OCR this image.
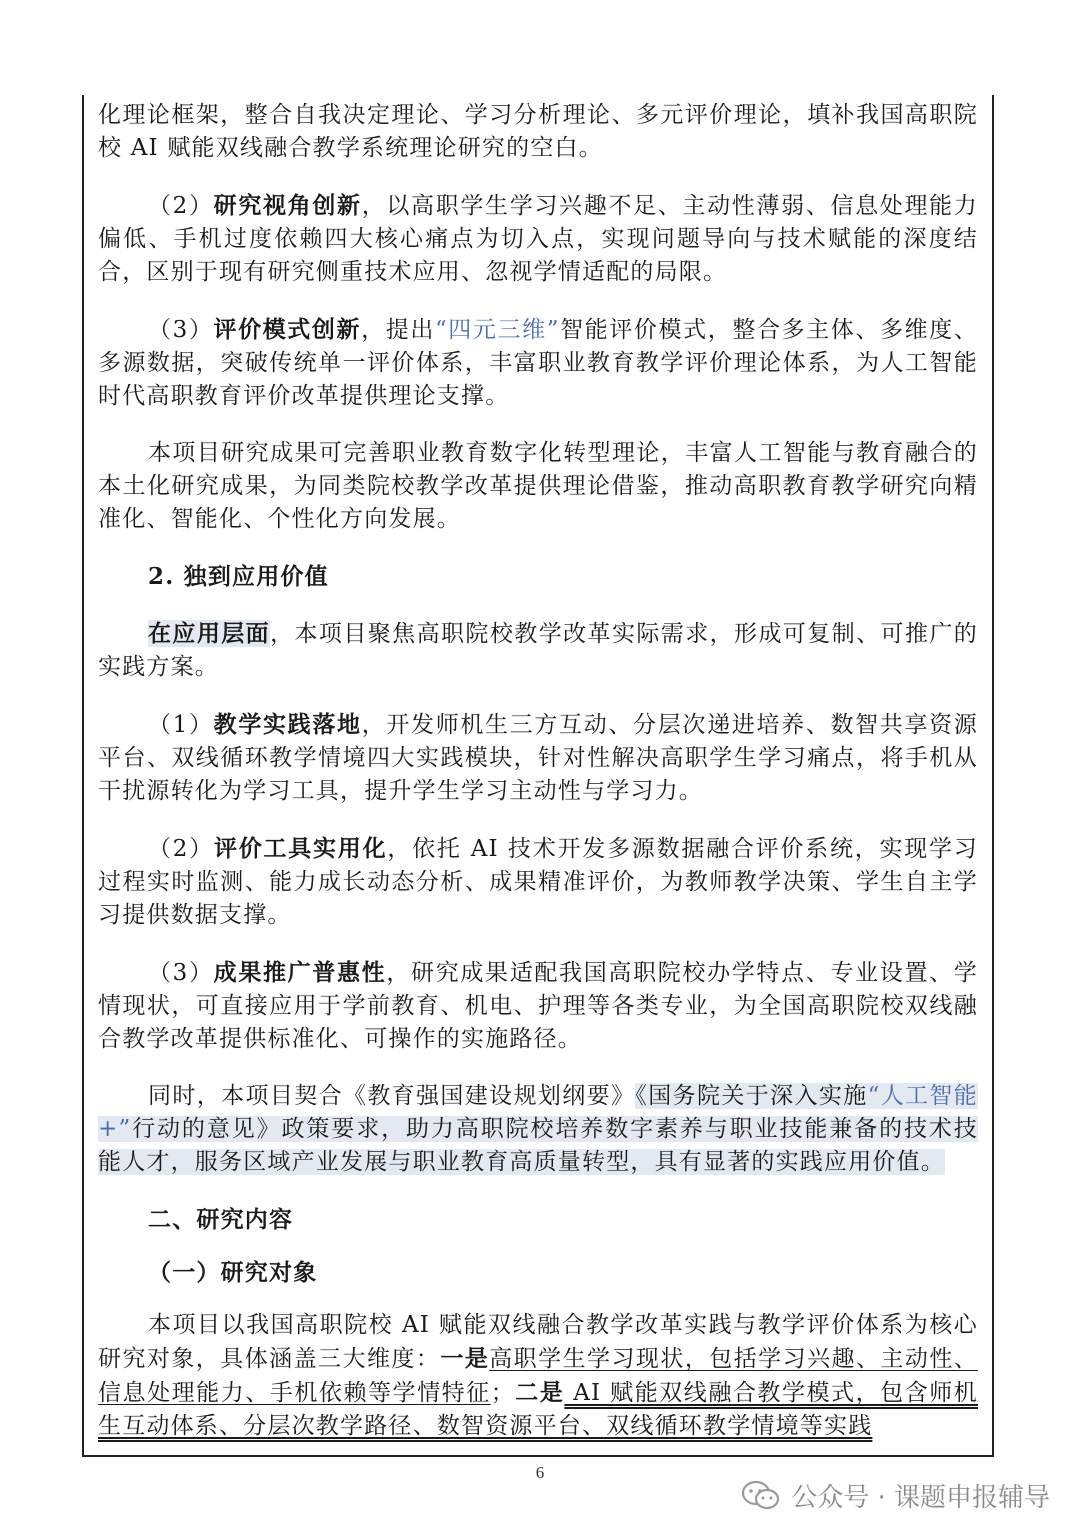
化理论框架，整合自我决定理论、学习分析理论、多元评价理论，填补我国高职院校 AI 赋能双线融合教学系统理论研究的空白。

（2）研究视角创新，以高职学生学习兴趣不足、主动性薄弱、信息处理能力偏低、手机过度依赖四大核心痛点为切入点，实现问题导向与技术赋能的深度结合，区别于现有研究侧重技术应用、忽视学情适配的局限。

（3）评价模式创新，提出“四元三维”智能评价模式，整合多主体、多维度、多源数据，突破传统单一评价体系，丰富职业教育教学评价理论体系，为人工智能时代高职教育评价改革提供理论支撑。

本项目研究成果可完善职业教育数字化转型理论，丰富人工智能与教育融合的本土化研究成果，为同类院校教学改革提供理论借鉴，推动高职教育教学研究向精准化、智能化、个性化方向发展。

2. 独到应用价值

在应用层面，本项目聚焦高职院校教学改革实际需求，形成可复制、可推广的实践方案。

（1）教学实践落地，开发师机生三方互动、分层次递进培养、数智共享资源平台、双线循环教学情境四大实践模块，针对性解决高职学生学习痛点，将手机从干扰源转化为学习工具，提升学生学习主动性与学习力。

（2）评价工具实用化，依托 AI 技术开发多源数据融合评价系统，实现学习过程实时监测、能力成长动态分析、成果精准评价，为教师教学决策、学生自主学习提供数据支撑。

（3）成果推广普惠性，研究成果适配我国高职院校办学特点、专业设置、学情现状，可直接应用于学前教育、机电、护理等各类专业，为全国高职院校双线融合教学改革提供标准化、可操作的实施路径。

同时，本项目契合《教育强国建设规划纲要》《国务院关于深入实施“人工智能 +”行动的意见》政策要求，助力高职院校培养数字素养与职业技能兼备的技术技能人才，服务区域产业发展与职业教育高质量转型，具有显著的实践应用价值。

二、研究内容

（一）研究对象

本项目以我国高职院校 AI 赋能双线融合教学改革实践与教学评价体系为核心研究对象，具体涵盖三大维度：一是高职学生学习现状，包括学习兴趣、主动性、信息处理能力、手机依赖等学情特征；二是 AI 赋能双线融合教学模式，包含师机生互动体系、分层次教学路径、数智资源平台、双线循环教学情境等实践

6
公众号 · 课题申报辅导
